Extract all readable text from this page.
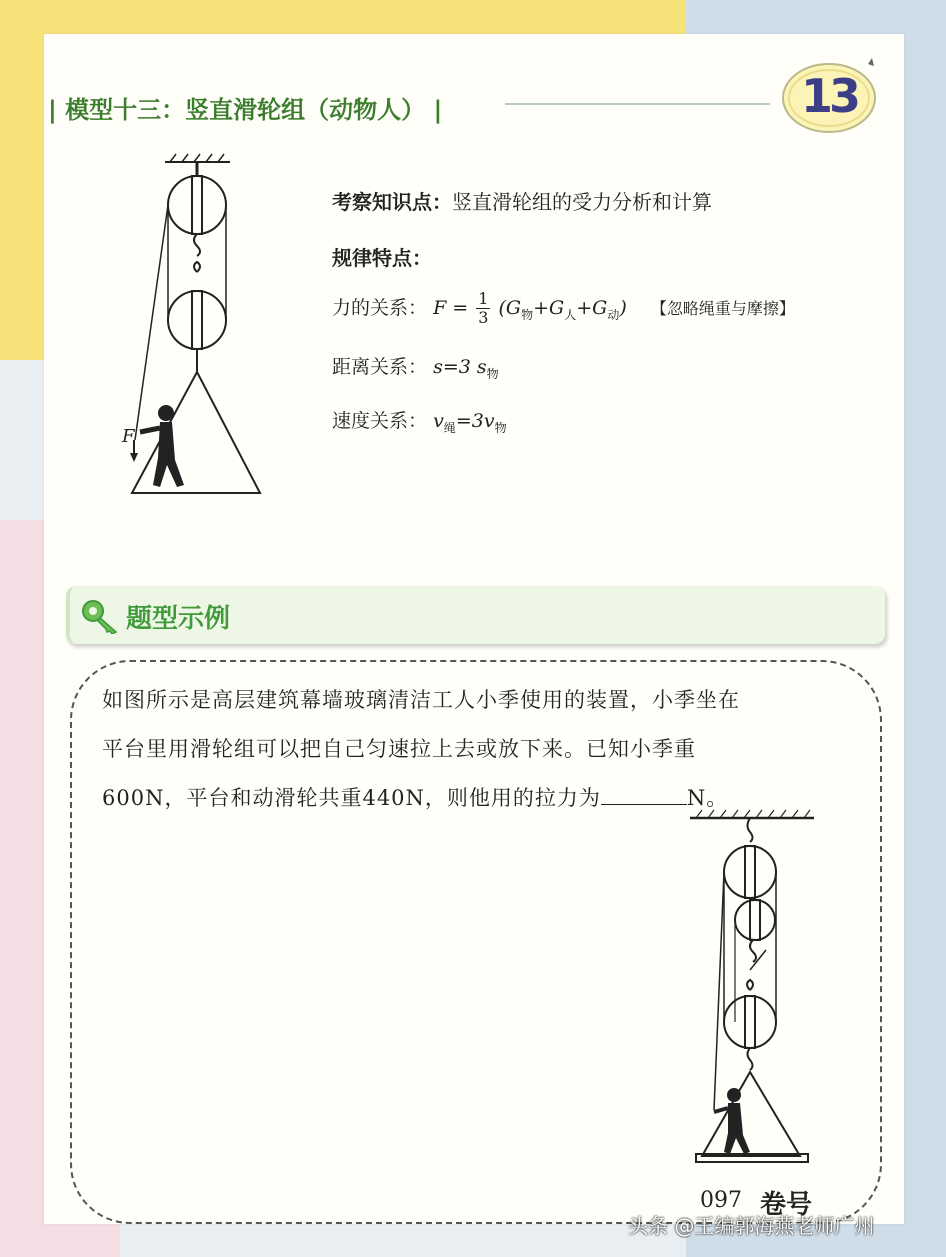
13
| 模型十三：竖直滑轮组（动物人） |
F
考察知识点：竖直滑轮组的受力分析和计算
规律特点：
力的关系： $F = \frac{1}{3} (G_物+G_人+G_动)$ 【忽略绳重与摩擦】
距离关系： s=3 $s_物$
速度关系： $v_绳=3v_物$
题型示例
如图所示是高层建筑幕墙玻璃清洁工人小季使用的装置，小季坐在
平台里用滑轮组可以把自己匀速拉上去或放下来。已知小季重
600N，平台和动滑轮共重440N，则他用的拉力为	N。
097 卷号
头条 @王编郭海燕老师广州
